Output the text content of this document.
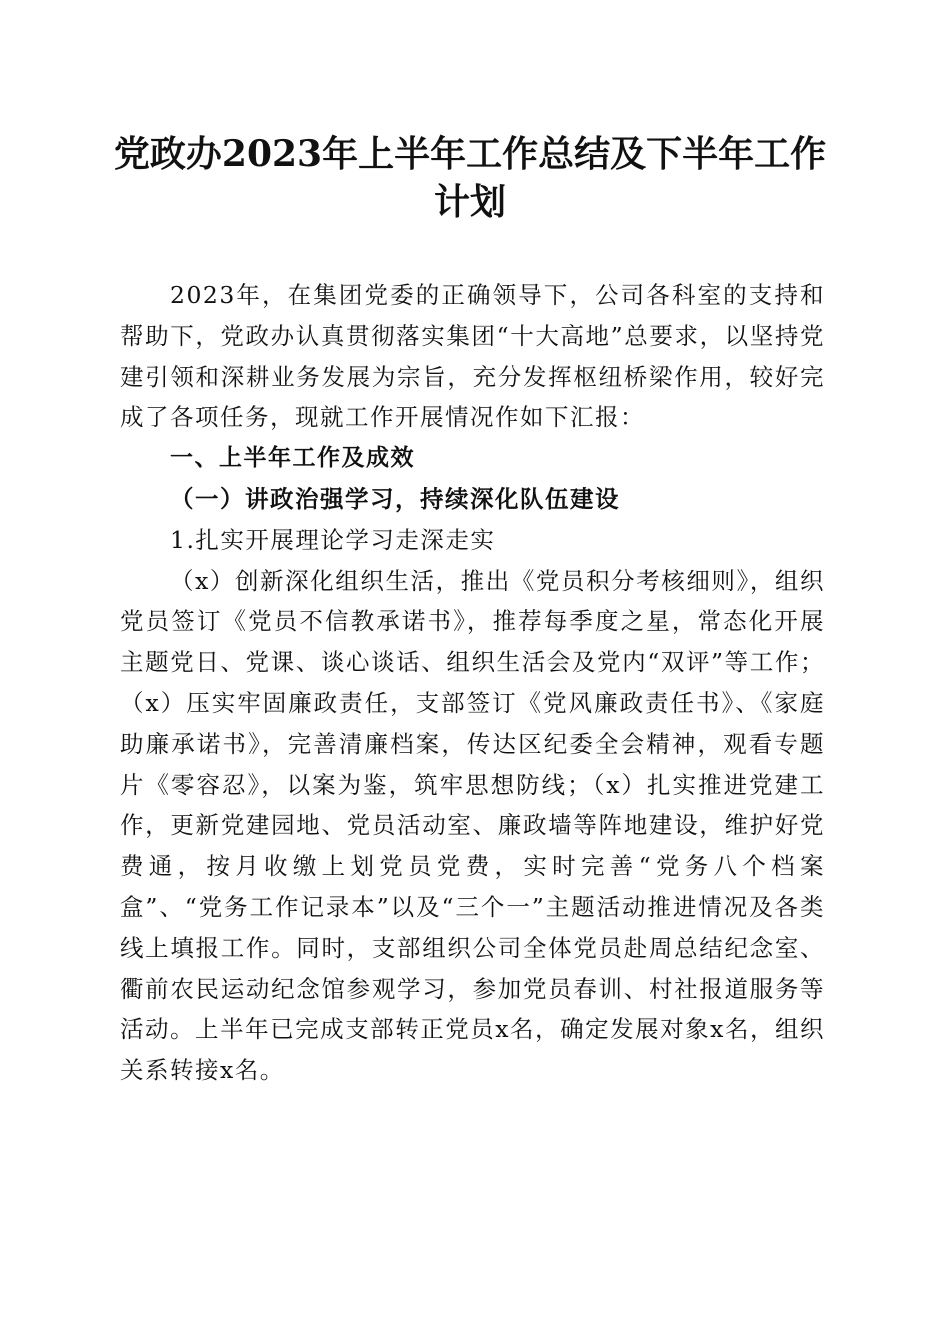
党政办2023年上半年工作总结及下半年工作计划

2023年，在集团党委的正确领导下，公司各科室的支持和帮助下，党政办认真贯彻落实集团“十大高地”总要求，以坚持党建引领和深耕业务发展为宗旨，充分发挥枢纽桥梁作用，较好完成了各项任务，现就工作开展情况作如下汇报：

一、上半年工作及成效

（一）讲政治强学习，持续深化队伍建设

1.扎实开展理论学习走深走实

（x）创新深化组织生活，推出《党员积分考核细则》，组织党员签订《党员不信教承诺书》，推荐每季度之星，常态化开展主题党日、党课、谈心谈话、组织生活会及党内“双评”等工作；（x）压实牢固廉政责任，支部签订《党风廉政责任书》、《家庭助廉承诺书》，完善清廉档案，传达区纪委全会精神，观看专题片《零容忍》，以案为鉴，筑牢思想防线；（x）扎实推进党建工作，更新党建园地、党员活动室、廉政墙等阵地建设，维护好党费通，按月收缴上划党员党费，实时完善“党务八个档案盒”、“党务工作记录本”以及“三个一”主题活动推进情况及各类线上填报工作。同时，支部组织公司全体党员赴周总结纪念室、衢前农民运动纪念馆参观学习，参加党员春训、村社报道服务等活动。上半年已完成支部转正党员x名，确定发展对象x名，组织关系转接x名。
